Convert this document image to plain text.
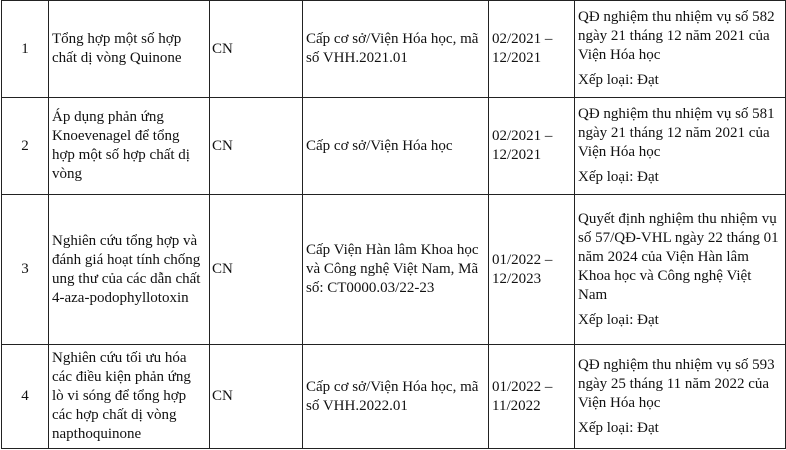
1	Tổng hợp một số hợp chất dị vòng Quinone	CN	Cấp cơ sở/Viện Hóa học, mã số VHH.2021.01	02/2021 – 12/2021	QĐ nghiệm thu nhiệm vụ số 582 ngày 21 tháng 12 năm 2021 của Viện Hóa học
Xếp loại: Đạt

2	Áp dụng phản ứng Knoevenagel để tổng hợp một số hợp chất dị vòng	CN	Cấp cơ sở/Viện Hóa học	02/2021 – 12/2021	QĐ nghiệm thu nhiệm vụ số 581 ngày 21 tháng 12 năm 2021 của Viện Hóa học
Xếp loại: Đạt

3	Nghiên cứu tổng hợp và đánh giá hoạt tính chống ung thư của các dẫn chất 4-aza-podophyllotoxin	CN	Cấp Viện Hàn lâm Khoa học và Công nghệ Việt Nam, Mã số: CT0000.03/22-23	01/2022 – 12/2023	Quyết định nghiệm thu nhiệm vụ số 57/QĐ-VHL ngày 22 tháng 01 năm 2024 của Viện Hàn lâm Khoa học và Công nghệ Việt Nam
Xếp loại: Đạt

4	Nghiên cứu tối ưu hóa các điều kiện phản ứng lò vi sóng để tổng hợp các hợp chất dị vòng napthoquinone	CN	Cấp cơ sở/Viện Hóa học, mã số VHH.2022.01	01/2022 – 11/2022	QĐ nghiệm thu nhiệm vụ số 593 ngày 25 tháng 11 năm 2022 của Viện Hóa học
Xếp loại: Đạt
